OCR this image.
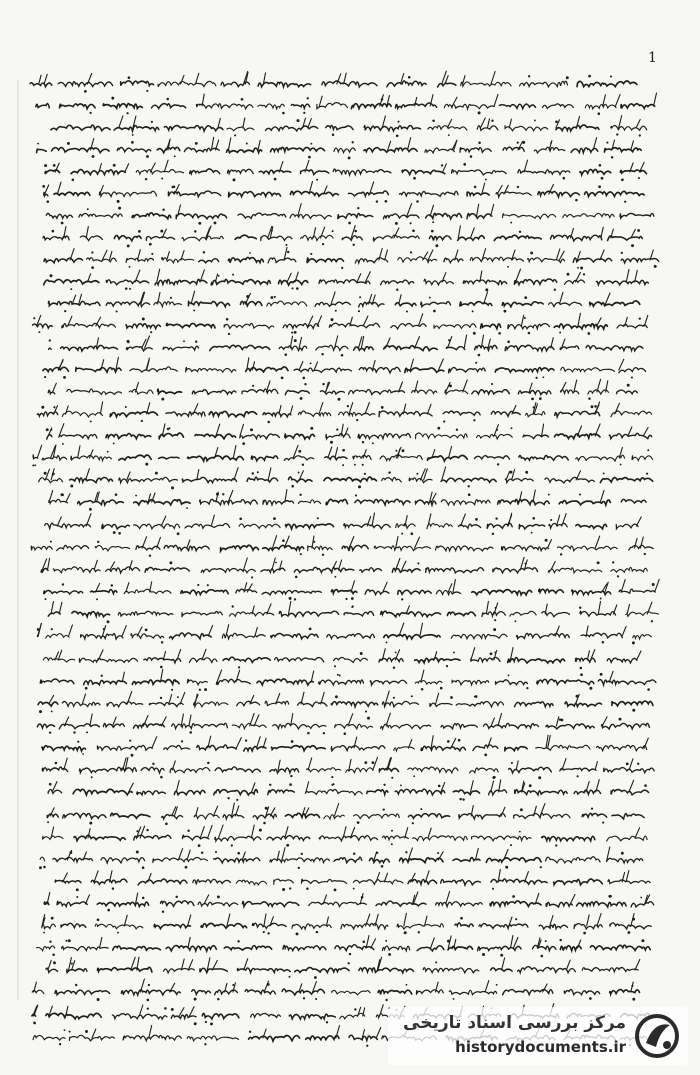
1
مرکز بررسی اسناد تاریخی
historydocuments.ir
